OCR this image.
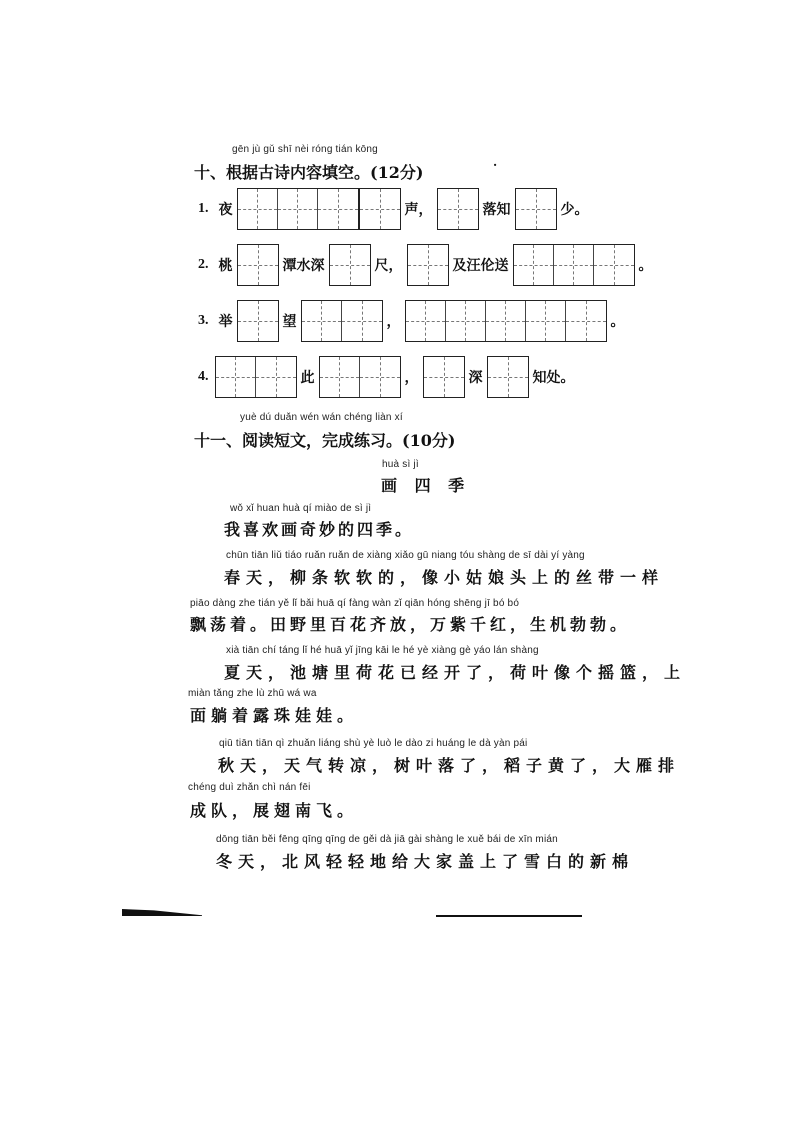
gēn jù gǔ shī nèi róng tián kōng
十、根据古诗内容填空。(12分)	·
1. 夜	声，	落知	少。
2. 桃	潭水深	尺，	及汪伦送	。
3. 举	望	，	。
4.	此	，	深	知处。
yuè dú duǎn wén wán chéng liàn xí
十一、阅读短文，完成练习。(10分)
huà sì jì
画 四 季
wǒ xǐ huan huà qí miào de sì jì
我喜欢画奇妙的四季。
chūn tiān liǔ tiáo ruǎn ruǎn de xiàng xiǎo gū niang tóu shàng de sī dài yí yàng
春天，柳条软软的，像小姑娘头上的丝带一样
piāo dàng zhe tián yě lǐ bǎi huā qí fàng wàn zǐ qiān hóng shēng jī bó bó
飘荡着。田野里百花齐放，万紫千红，生机勃勃。
xià tiān chí táng lǐ hé huā yǐ jīng kāi le hé yè xiàng gè yáo lán shàng
夏天，池塘里荷花已经开了，荷叶像个摇篮，上
miàn tǎng zhe lù zhū wá wa
面躺着露珠娃娃。
qiū tiān tiān qì zhuǎn liáng shù yè luò le dào zi huáng le dà yàn pái
秋天，天气转凉，树叶落了，稻子黄了，大雁排
chéng duì zhǎn chì nán fēi
成队，展翅南飞。
dōng tiān běi fēng qīng qīng de gěi dà jiā gài shàng le xuě bái de xīn mián
冬天，北风轻轻地给大家盖上了雪白的新棉
